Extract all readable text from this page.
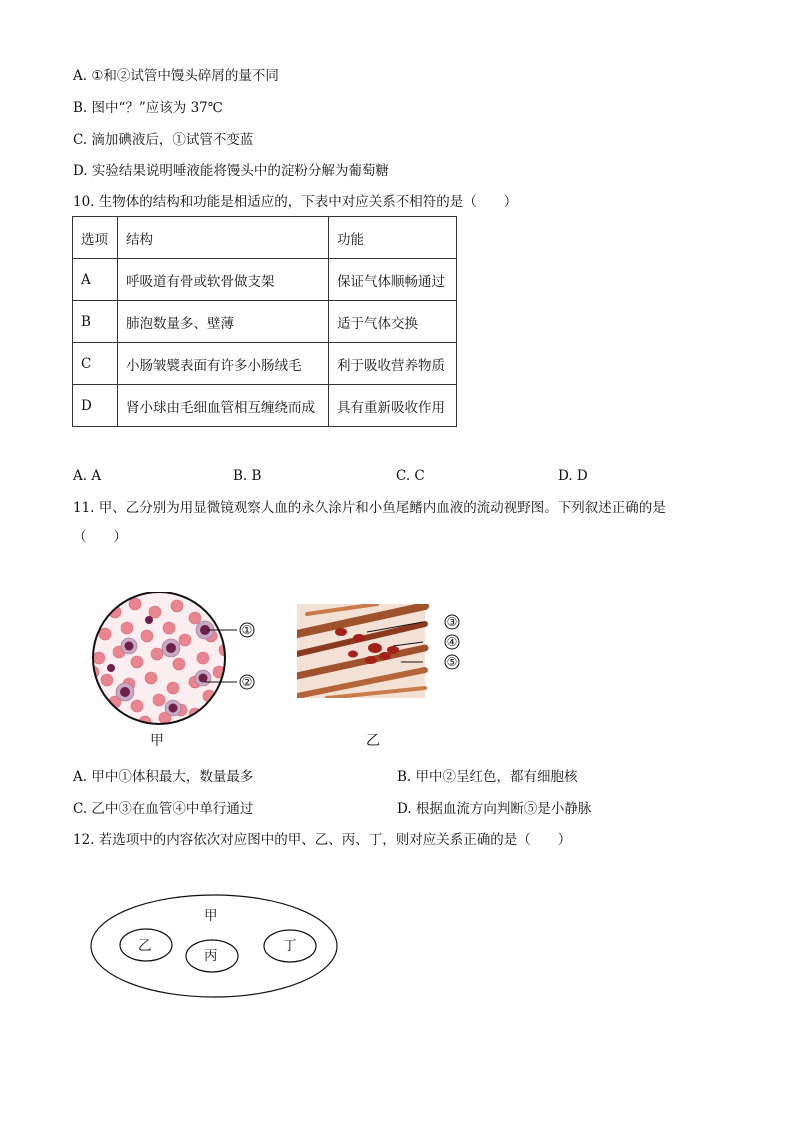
A. ①和②试管中馒头碎屑的量不同
B. 图中“？”应该为 37℃
C. 滴加碘液后，①试管不变蓝
D. 实验结果说明唾液能将馒头中的淀粉分解为葡萄糖
10. 生物体的结构和功能是相适应的，下表中对应关系不相符的是（　　）
选项	结构	功能
A	呼吸道有骨或软骨做支架	保证气体顺畅通过
B	肺泡数量多、壁薄	适于气体交换
C	小肠皱襞表面有许多小肠绒毛	利于吸收营养物质
D	肾小球由毛细血管相互缠绕而成	具有重新吸收作用
A. A	B. B	C. C	D. D
11. 甲、乙分别为用显微镜观察人血的永久涂片和小鱼尾鳍内血液的流动视野图。下列叙述正确的是
（　　）
①
②
甲
③
④
⑤
乙
A. 甲中①体积最大，数量最多	B. 甲中②呈红色，都有细胞核
C. 乙中③在血管④中单行通过	D. 根据血流方向判断⑤是小静脉
12. 若选项中的内容依次对应图中的甲、乙、丙、丁，则对应关系正确的是（　　）
甲
乙
丙
丁
